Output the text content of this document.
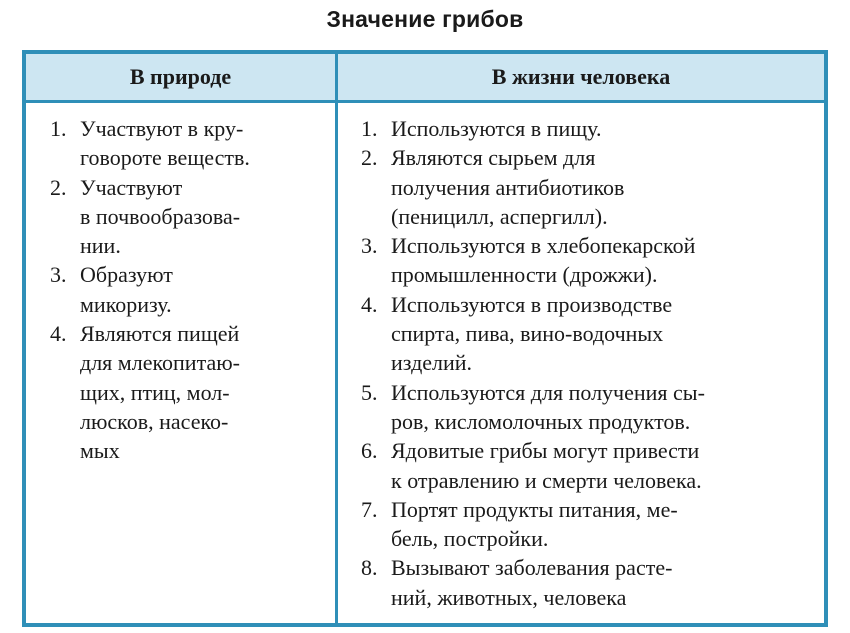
Значение грибов
В природе	В жизни человека
1. Участвуют в кру-
говороте веществ.
2. Участвуют
в почвообразова-
нии.
3. Образуют
микоризу.
4. Являются пищей
для млекопитаю-
щих, птиц, мол-
люсков, насеко-
мых
1. Используются в пищу.
2. Являются сырьем для
получения антибиотиков
(пеницилл, аспергилл).
3. Используются в хлебопекарской
промышленности (дрожжи).
4. Используются в производстве
спирта, пива, вино-водочных
изделий.
5. Используются для получения сы-
ров, кисломолочных продуктов.
6. Ядовитые грибы могут привести
к отравлению и смерти человека.
7. Портят продукты питания, ме-
бель, постройки.
8. Вызывают заболевания расте-
ний, животных, человека
